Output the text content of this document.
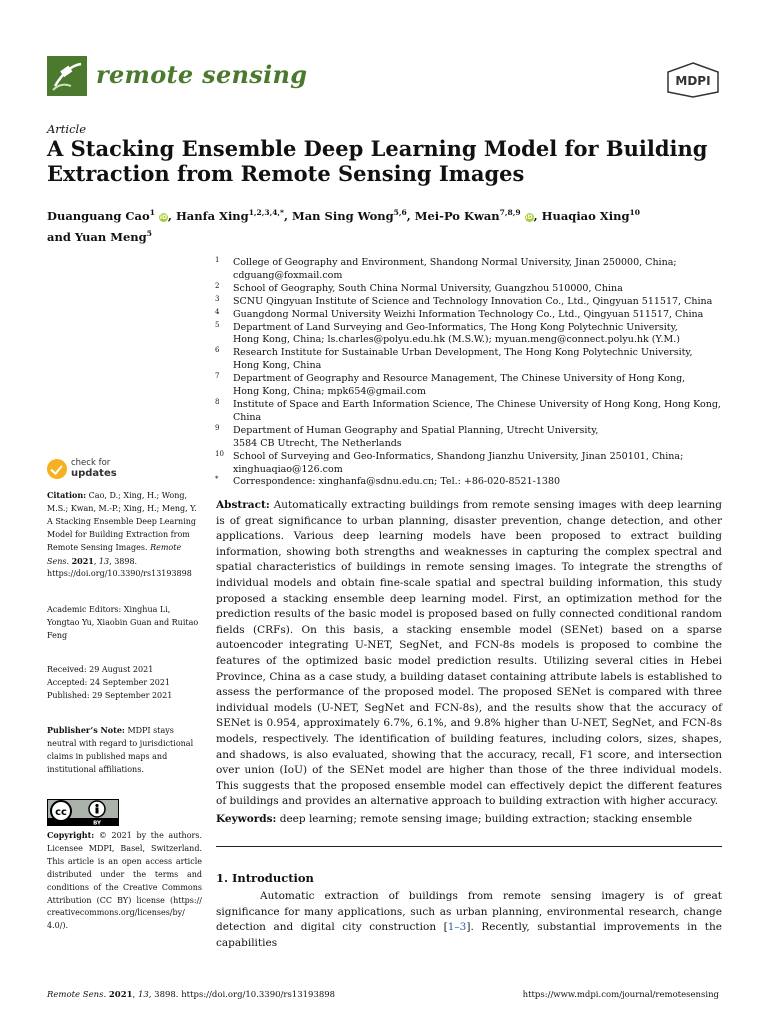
remote sensing	MDPI
Article
A Stacking Ensemble Deep Learning Model for Building Extraction from Remote Sensing Images
Duanguang Cao$^1$ iD, Hanfa Xing$^{1,2,3,4,*}$, Man Sing Wong$^{5,6}$, Mei-Po Kwan$^{7,8,9}$ iD, Huaqiao Xing$^{10}$
and Yuan Meng$^5$
1 College of Geography and Environment, Shandong Normal University, Jinan 250000, China;
cdguang@foxmail.com
2 School of Geography, South China Normal University, Guangzhou 510000, China
3 SCNU Qingyuan Institute of Science and Technology Innovation Co., Ltd., Qingyuan 511517, China
4 Guangdong Normal University Weizhi Information Technology Co., Ltd., Qingyuan 511517, China
5 Department of Land Surveying and Geo-Informatics, The Hong Kong Polytechnic University,
Hong Kong, China; ls.charles@polyu.edu.hk (M.S.W.); myuan.meng@connect.polyu.hk (Y.M.)
6 Research Institute for Sustainable Urban Development, The Hong Kong Polytechnic University,
Hong Kong, China
7 Department of Geography and Resource Management, The Chinese University of Hong Kong,
Hong Kong, China; mpk654@gmail.com
8 Institute of Space and Earth Information Science, The Chinese University of Hong Kong, Hong Kong, China
9 Department of Human Geography and Spatial Planning, Utrecht University,
3584 CB Utrecht, The Netherlands
10 School of Surveying and Geo-Informatics, Shandong Jianzhu University, Jinan 250101, China;
xinghuaqiao@126.com
* Correspondence: xinghanfa@sdnu.edu.cn; Tel.: +86-020-8521-1380
check for
updates
Citation: Cao, D.; Xing, H.; Wong, M.S.; Kwan, M.-P.; Xing, H.; Meng, Y. A Stacking Ensemble Deep Learning Model for Building Extraction from Remote Sensing Images. Remote Sens. 2021, 13, 3898. https://doi.org/10.3390/rs13193898
Academic Editors: Xinghua Li, Yongtao Yu, Xiaobin Guan and Ruitao Feng
Received: 29 August 2021
Accepted: 24 September 2021
Published: 29 September 2021
Publisher’s Note: MDPI stays neutral with regard to jurisdictional claims in published maps and institutional affiliations.
cc
BY
Copyright: © 2021 by the authors. Licensee MDPI, Basel, Switzerland. This article is an open access article distributed under the terms and conditions of the Creative Commons Attribution (CC BY) license (https:// creativecommons.org/licenses/by/ 4.0/).
Abstract: Automatically extracting buildings from remote sensing images with deep learning is of great significance to urban planning, disaster prevention, change detection, and other applications. Various deep learning models have been proposed to extract building information, showing both strengths and weaknesses in capturing the complex spectral and spatial characteristics of buildings in remote sensing images. To integrate the strengths of individual models and obtain fine-scale spatial and spectral building information, this study proposed a stacking ensemble deep learning model. First, an optimization method for the prediction results of the basic model is proposed based on fully connected conditional random fields (CRFs). On this basis, a stacking ensemble model (SENet) based on a sparse autoencoder integrating U-NET, SegNet, and FCN-8s models is proposed to combine the features of the optimized basic model prediction results. Utilizing several cities in Hebei Province, China as a case study, a building dataset containing attribute labels is established to assess the performance of the proposed model. The proposed SENet is compared with three individual models (U-NET, SegNet and FCN-8s), and the results show that the accuracy of SENet is 0.954, approximately 6.7%, 6.1%, and 9.8% higher than U-NET, SegNet, and FCN-8s models, respectively. The identification of building features, including colors, sizes, shapes, and shadows, is also evaluated, showing that the accuracy, recall, F1 score, and intersection over union (IoU) of the SENet model are higher than those of the three individual models. This suggests that the proposed ensemble model can effectively depict the different features of buildings and provides an alternative approach to building extraction with higher accuracy.
Keywords: deep learning; remote sensing image; building extraction; stacking ensemble
1. Introduction
Automatic extraction of buildings from remote sensing imagery is of great significance for many applications, such as urban planning, environmental research, change detection and digital city construction [1–3]. Recently, substantial improvements in the capabilities
Remote Sens. 2021, 13, 3898. https://doi.org/10.3390/rs13193898	https://www.mdpi.com/journal/remotesensing
